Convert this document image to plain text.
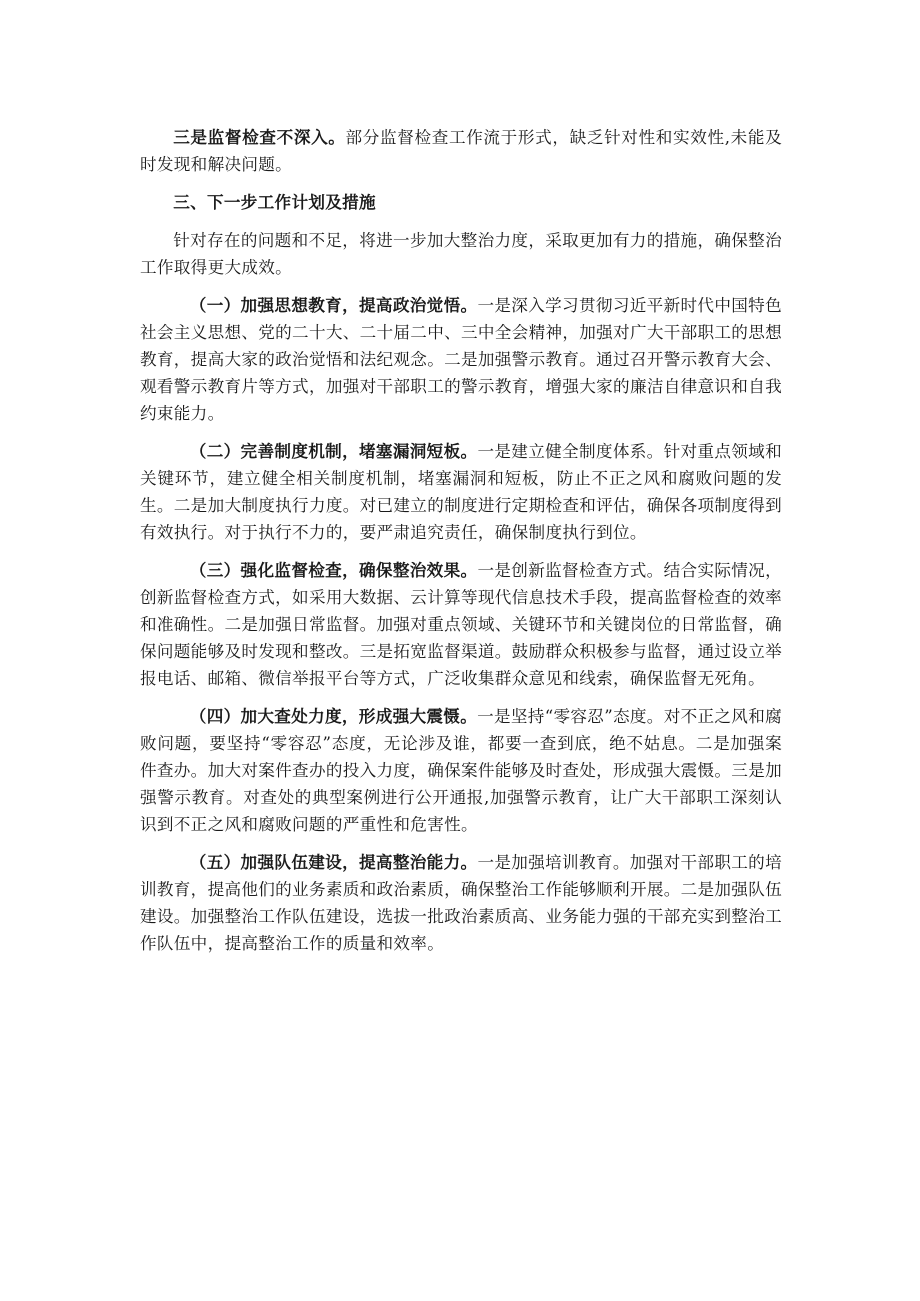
三是监督检查不深入。部分监督检查工作流于形式，缺乏针对性和实效性,未能及时发现和解决问题。

三、下一步工作计划及措施

针对存在的问题和不足，将进一步加大整治力度，采取更加有力的措施，确保整治工作取得更大成效。

（一）加强思想教育，提高政治觉悟。一是深入学习贯彻习近平新时代中国特色社会主义思想、党的二十大、二十届二中、三中全会精神，加强对广大干部职工的思想教育，提高大家的政治觉悟和法纪观念。二是加强警示教育。通过召开警示教育大会、观看警示教育片等方式，加强对干部职工的警示教育，增强大家的廉洁自律意识和自我约束能力。

（二）完善制度机制，堵塞漏洞短板。一是建立健全制度体系。针对重点领域和关键环节，建立健全相关制度机制，堵塞漏洞和短板，防止不正之风和腐败问题的发生。二是加大制度执行力度。对已建立的制度进行定期检查和评估，确保各项制度得到有效执行。对于执行不力的，要严肃追究责任，确保制度执行到位。

（三）强化监督检查，确保整治效果。一是创新监督检查方式。结合实际情况，创新监督检查方式，如采用大数据、云计算等现代信息技术手段，提高监督检查的效率和准确性。二是加强日常监督。加强对重点领域、关键环节和关键岗位的日常监督，确保问题能够及时发现和整改。三是拓宽监督渠道。鼓励群众积极参与监督，通过设立举报电话、邮箱、微信举报平台等方式，广泛收集群众意见和线索，确保监督无死角。

（四）加大查处力度，形成强大震慑。一是坚持“零容忍”态度。对不正之风和腐败问题，要坚持“零容忍”态度，无论涉及谁，都要一查到底，绝不姑息。二是加强案件查办。加大对案件查办的投入力度，确保案件能够及时查处，形成强大震慑。三是加强警示教育。对查处的典型案例进行公开通报,加强警示教育，让广大干部职工深刻认识到不正之风和腐败问题的严重性和危害性。

（五）加强队伍建设，提高整治能力。一是加强培训教育。加强对干部职工的培训教育，提高他们的业务素质和政治素质，确保整治工作能够顺利开展。二是加强队伍建设。加强整治工作队伍建设，选拔一批政治素质高、业务能力强的干部充实到整治工作队伍中，提高整治工作的质量和效率。
